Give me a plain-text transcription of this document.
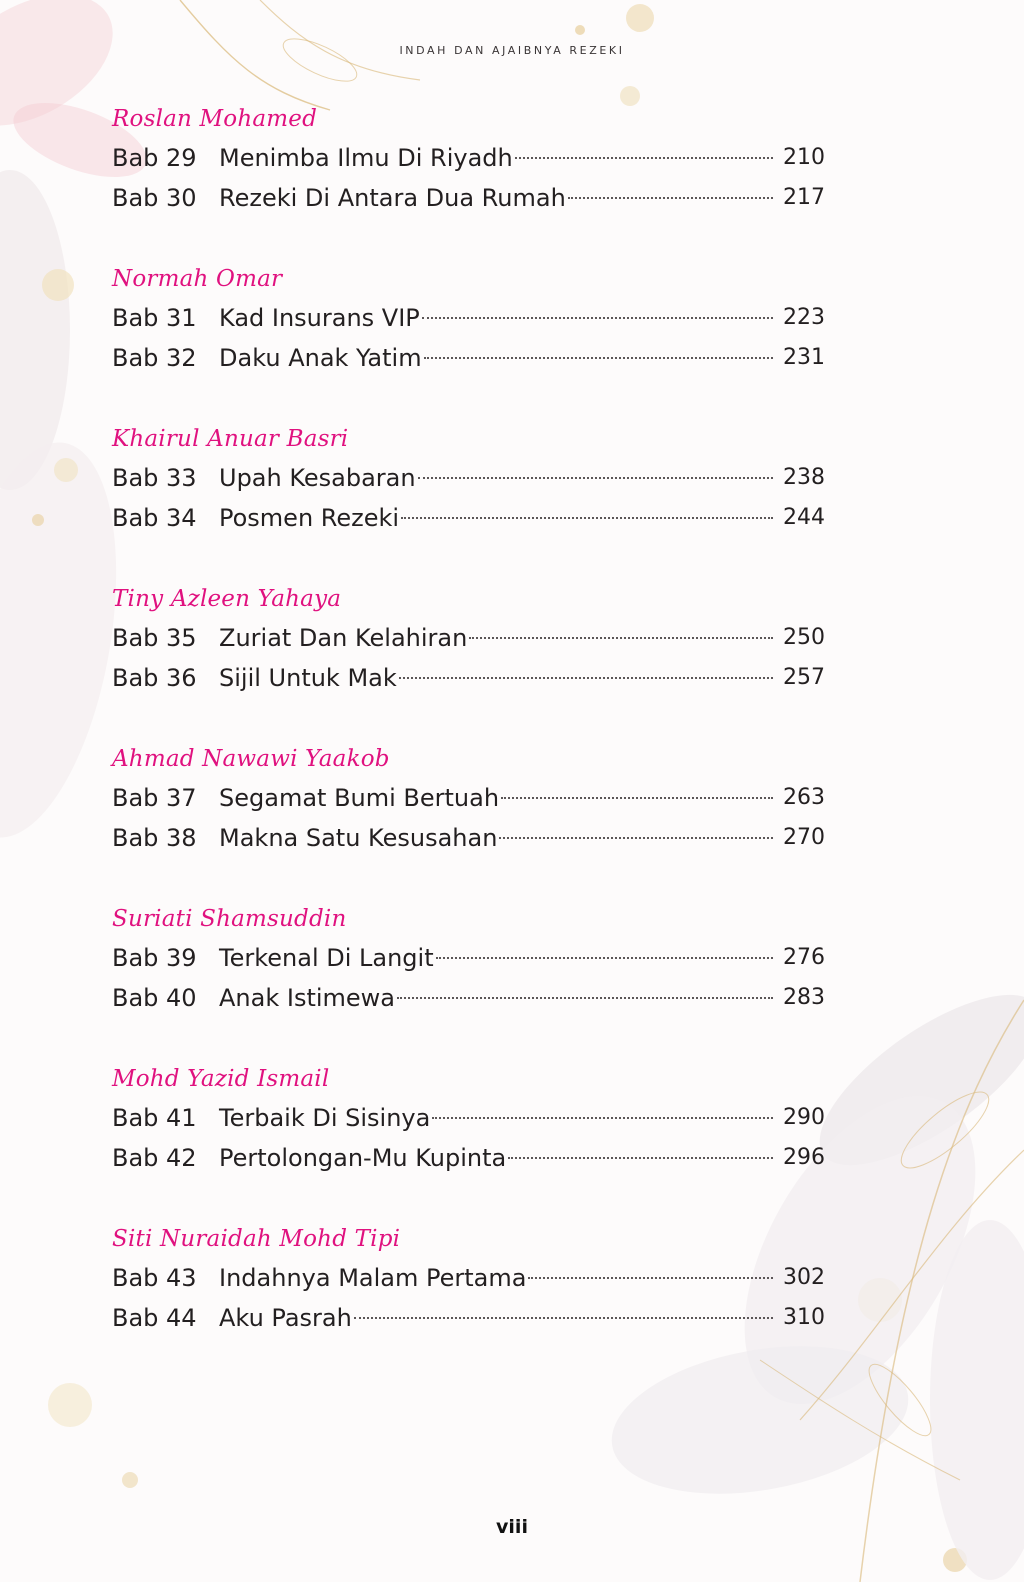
INDAH DAN AJAIBNYA REZEKI
Roslan Mohamed
Bab 29 Menimba Ilmu Di Riyadh	210
Bab 30 Rezeki Di Antara Dua Rumah	217
Normah Omar
Bab 31 Kad Insurans VIP	223
Bab 32 Daku Anak Yatim	231
Khairul Anuar Basri
Bab 33 Upah Kesabaran	238
Bab 34 Posmen Rezeki	244
Tiny Azleen Yahaya
Bab 35 Zuriat Dan Kelahiran	250
Bab 36 Sijil Untuk Mak	257
Ahmad Nawawi Yaakob
Bab 37 Segamat Bumi Bertuah	263
Bab 38 Makna Satu Kesusahan	270
Suriati Shamsuddin
Bab 39 Terkenal Di Langit	276
Bab 40 Anak Istimewa	283
Mohd Yazid Ismail
Bab 41 Terbaik Di Sisinya	290
Bab 42 Pertolongan-Mu Kupinta	296
Siti Nuraidah Mohd Tipi
Bab 43 Indahnya Malam Pertama	302
Bab 44 Aku Pasrah	310
viii
